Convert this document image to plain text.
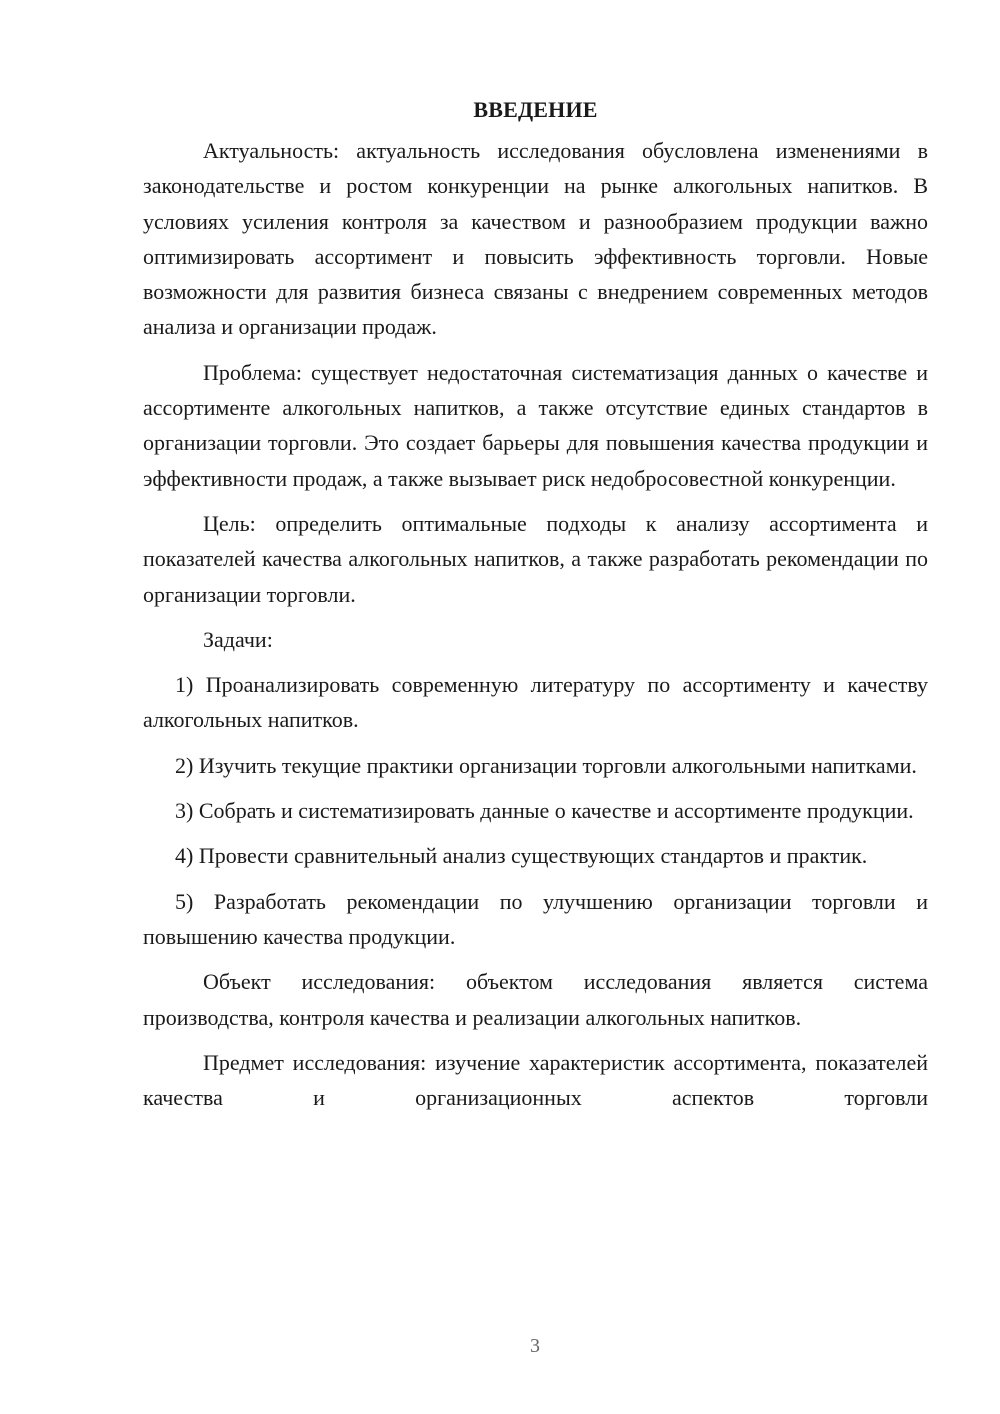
ВВЕДЕНИЕ

Актуальность: актуальность исследования обусловлена изменениями в законодательстве и ростом конкуренции на рынке алкогольных напитков. В условиях усиления контроля за качеством и разнообразием продукции важно оптимизировать ассортимент и повысить эффективность торговли. Новые возможности для развития бизнеса связаны с внедрением современных методов анализа и организации продаж.

Проблема: существует недостаточная систематизация данных о качестве и ассортименте алкогольных напитков, а также отсутствие единых стандартов в организации торговли. Это создает барьеры для повышения качества продукции и эффективности продаж, а также вызывает риск недобросовестной конкуренции.

Цель: определить оптимальные подходы к анализу ассортимента и показателей качества алкогольных напитков, а также разработать рекомендации по организации торговли.

Задачи:

1) Проанализировать современную литературу по ассортименту и качеству алкогольных напитков.

2) Изучить текущие практики организации торговли алкогольными напитками.

3) Собрать и систематизировать данные о качестве и ассортименте продукции.

4) Провести сравнительный анализ существующих стандартов и практик.

5) Разработать рекомендации по улучшению организации торговли и повышению качества продукции.

Объект исследования: объектом исследования является система производства, контроля качества и реализации алкогольных напитков.

Предмет исследования: изучение характеристик ассортимента, показателей качества и организационных аспектов торговли

3
